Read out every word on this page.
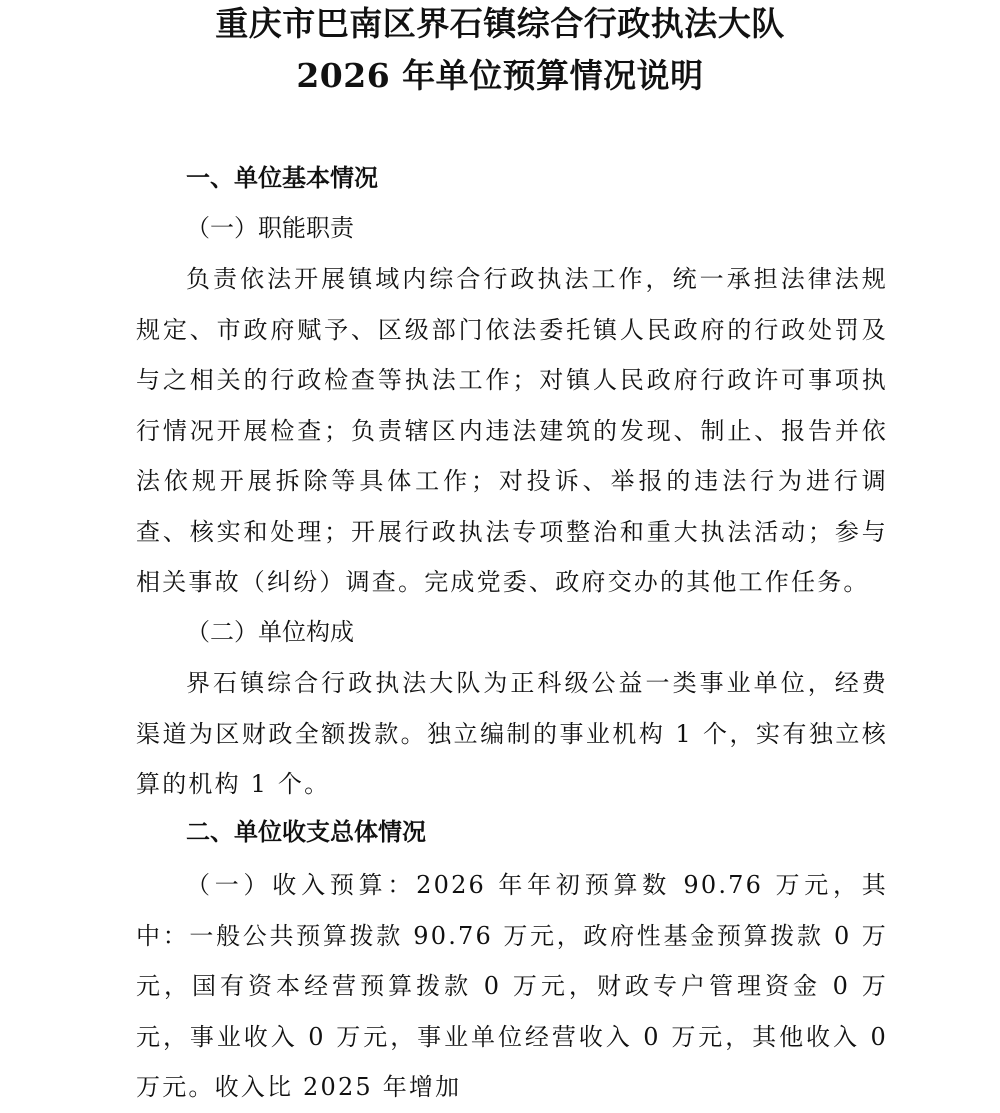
重庆市巴南区界石镇综合行政执法大队
2026 年单位预算情况说明
一、单位基本情况
（一）职能职责

负责依法开展镇域内综合行政执法工作，统一承担法律法规规定、市政府赋予、区级部门依法委托镇人民政府的行政处罚及与之相关的行政检查等执法工作；对镇人民政府行政许可事项执行情况开展检查；负责辖区内违法建筑的发现、制止、报告并依法依规开展拆除等具体工作；对投诉、举报的违法行为进行调查、核实和处理；开展行政执法专项整治和重大执法活动；参与相关事故（纠纷）调查。完成党委、政府交办的其他工作任务。

（二）单位构成

界石镇综合行政执法大队为正科级公益一类事业单位，经费渠道为区财政全额拨款。独立编制的事业机构 1 个，实有独立核算的机构 1 个。

二、单位收支总体情况

（一）收入预算：2026 年年初预算数 90.76 万元，其中：一般公共预算拨款 90.76 万元，政府性基金预算拨款 0 万元，国有资本经营预算拨款 0 万元，财政专户管理资金 0 万元，事业收入 0 万元，事业单位经营收入 0 万元，其他收入 0 万元。收入比 2025 年增加
